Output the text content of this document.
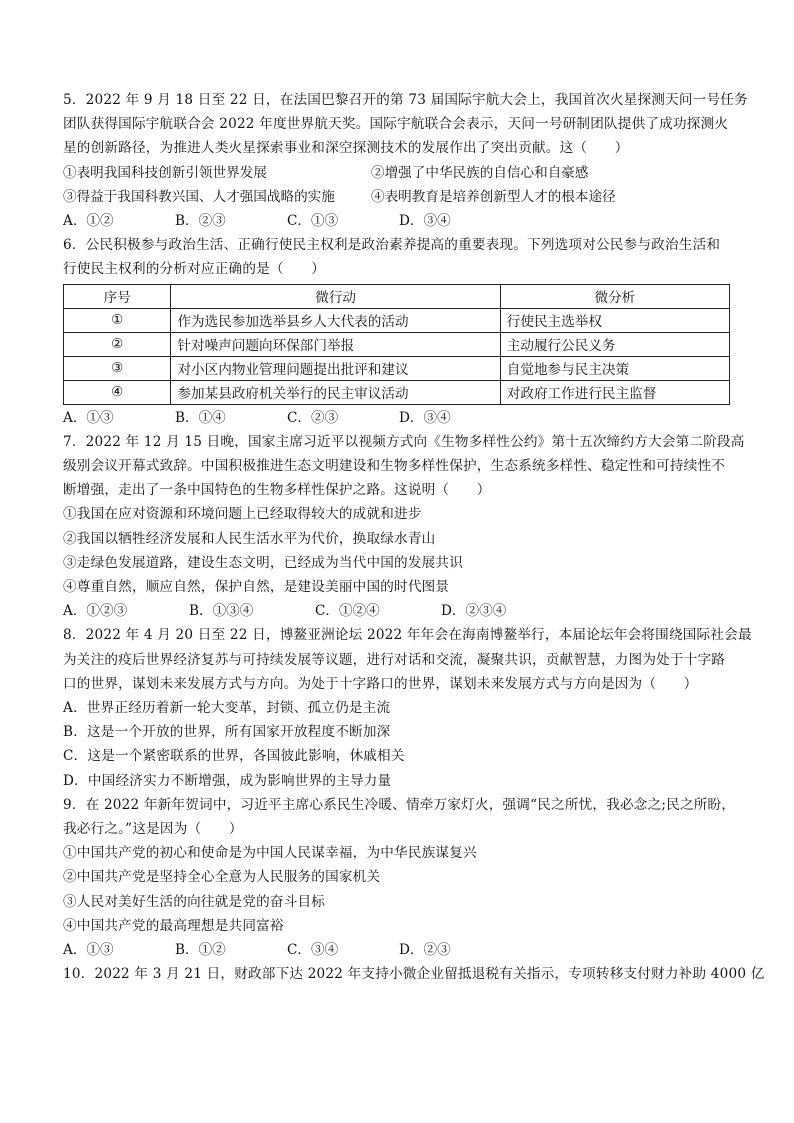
5．2022 年 9 月 18 日至 22 日，在法国巴黎召开的第 73 届国际宇航大会上，我国首次火星探测天问一号任务
团队获得国际宇航联合会 2022 年度世界航天奖。国际宇航联合会表示，天问一号研制团队提供了成功探测火
星的创新路径，为推进人类火星探索事业和深空探测技术的发展作出了突出贡献。这（　　）
①表明我国科技创新引领世界发展	②增强了中华民族的自信心和自豪感
③得益于我国科教兴国、人才强国战略的实施	④表明教育是培养创新型人才的根本途径
A．①②	B．②③	C．①③	D．③④
6．公民积极参与政治生活、正确行使民主权利是政治素养提高的重要表现。下列选项对公民参与政治生活和
行使民主权利的分析对应正确的是（　　）
序号	微行动	微分析
①	作为选民参加选举县乡人大代表的活动	行使民主选举权
②	针对噪声问题向环保部门举报	主动履行公民义务
③	对小区内物业管理问题提出批评和建议	自觉地参与民主决策
④	参加某县政府机关举行的民主审议活动	对政府工作进行民主监督
A．①③	B．①④	C．②③	D．③④
7．2022 年 12 月 15 日晚，国家主席习近平以视频方式向《生物多样性公约》第十五次缔约方大会第二阶段高
级别会议开幕式致辞。中国积极推进生态文明建设和生物多样性保护，生态系统多样性、稳定性和可持续性不
断增强，走出了一条中国特色的生物多样性保护之路。这说明（　　）
①我国在应对资源和环境问题上已经取得较大的成就和进步
②我国以牺牲经济发展和人民生活水平为代价，换取绿水青山
③走绿色发展道路，建设生态文明，已经成为当代中国的发展共识
④尊重自然，顺应自然，保护自然，是建设美丽中国的时代图景
A．①②③	B．①③④	C．①②④	D．②③④
8．2022 年 4 月 20 日至 22 日，博鳌亚洲论坛 2022 年年会在海南博鳌举行，本届论坛年会将围绕国际社会最
为关注的疫后世界经济复苏与可持续发展等议题，进行对话和交流，凝聚共识，贡献智慧，力图为处于十字路
口的世界，谋划未来发展方式与方向。为处于十字路口的世界，谋划未来发展方式与方向是因为（　　）
A．世界正经历着新一轮大变革，封锁、孤立仍是主流
B．这是一个开放的世界，所有国家开放程度不断加深
C．这是一个紧密联系的世界，各国彼此影响，休戚相关
D．中国经济实力不断增强，成为影响世界的主导力量
9．在 2022 年新年贺词中，习近平主席心系民生冷暖、情牵万家灯火，强调“民之所忧，我必念之;民之所盼，
我必行之。”这是因为（　　）
①中国共产党的初心和使命是为中国人民谋幸福，为中华民族谋复兴
②中国共产党是坚持全心全意为人民服务的国家机关
③人民对美好生活的向往就是党的奋斗目标
④中国共产党的最高理想是共同富裕
A．①③	B．①②	C．③④	D．②③
10．2022 年 3 月 21 日，财政部下达 2022 年支持小微企业留抵退税有关指示，专项转移支付财力补助 4000 亿
